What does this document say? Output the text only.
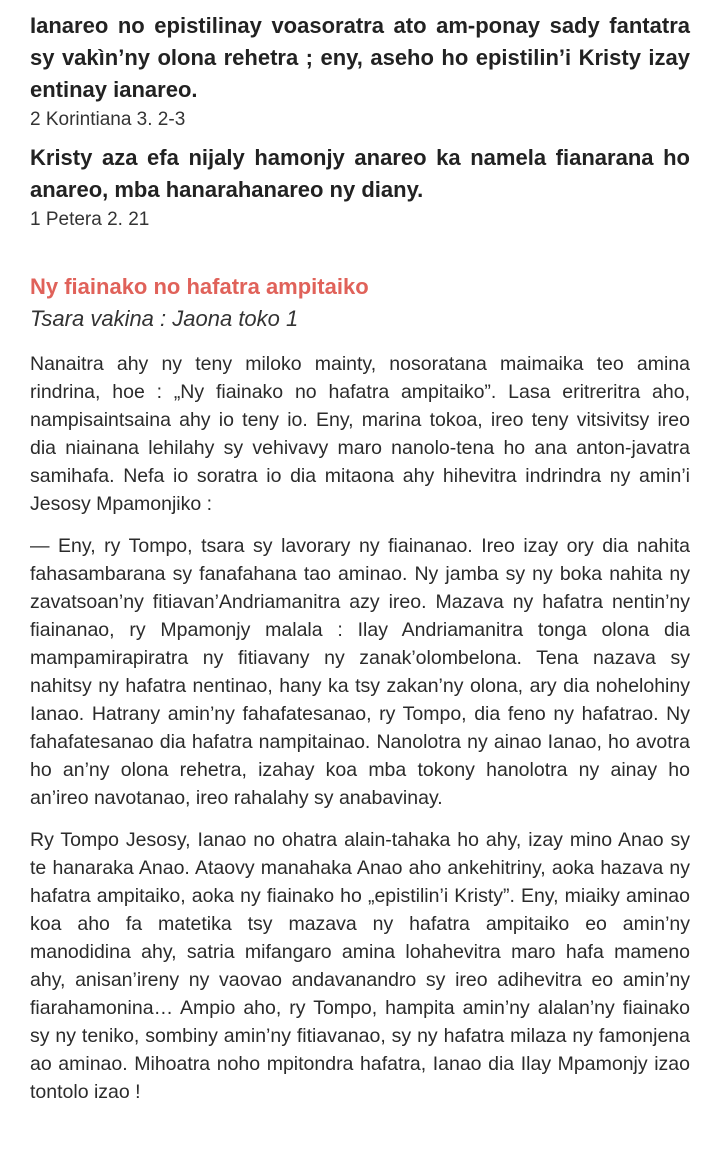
Ianareo no epistilinay voasoratra ato am-ponay sady fantatra sy vakìn’ny olona rehetra ; eny, aseho ho epistilin’i Kristy izay entinay ianareo.

2 Korintiana 3. 2-3

Kristy aza efa nijaly hamonjy anareo ka namela fianarana ho anareo, mba hanarahanareo ny diany.

1 Petera 2. 21

Ny fiainako no hafatra ampitaiko
Tsara vakina : Jaona toko 1

Nanaitra ahy ny teny miloko mainty, nosoratana maimaika teo amina rindrina, hoe : „Ny fiainako no hafatra ampitaiko”. Lasa eritreritra aho, nampisaintsaina ahy io teny io. Eny, marina tokoa, ireo teny vitsivitsy ireo dia niainana lehilahy sy vehivavy maro nanolo-tena ho ana anton-javatra samihafa. Nefa io soratra io dia mitaona ahy hihevitra indrindra ny amin’i Jesosy Mpamonjiko :

— Eny, ry Tompo, tsara sy lavorary ny fiainanao. Ireo izay ory dia nahita fahasambarana sy fanafahana tao aminao. Ny jamba sy ny boka nahita ny zavatsoan’ny fitiavan’Andriamanitra azy ireo. Mazava ny hafatra nentin’ny fiainanao, ry Mpamonjy malala : Ilay Andriamanitra tonga olona dia mampamirapiratra ny fitiavany ny zanak’olombelona. Tena nazava sy nahitsy ny hafatra nentinao, hany ka tsy zakan’ny olona, ary dia nohelohiny Ianao. Hatrany amin’ny fahafatesanao, ry Tompo, dia feno ny hafatrao. Ny fahafatesanao dia hafatra nampitainao. Nanolotra ny ainao Ianao, ho avotra ho an’ny olona rehetra, izahay koa mba tokony hanolotra ny ainay ho an’ireo navotanao, ireo rahalahy sy anabavinay.

Ry Tompo Jesosy, Ianao no ohatra alain-tahaka ho ahy, izay mino Anao sy te hanaraka Anao. Ataovy manahaka Anao aho ankehitriny, aoka hazava ny hafatra ampitaiko, aoka ny fiainako ho „epistilin’i Kristy”. Eny, miaiky aminao koa aho fa matetika tsy mazava ny hafatra ampitaiko eo amin’ny manodidina ahy, satria mifangaro amina lohahevitra maro hafa mameno ahy, anisan’ireny ny vaovao andavanandro sy ireo adihevitra eo amin’ny fiarahamonina… Ampio aho, ry Tompo, hampita amin’ny alalan’ny fiainako sy ny teniko, sombiny amin’ny fitiavanao, sy ny hafatra milaza ny famonjena ao aminao. Mihoatra noho mpitondra hafatra, Ianao dia Ilay Mpamonjy izao tontolo izao !
